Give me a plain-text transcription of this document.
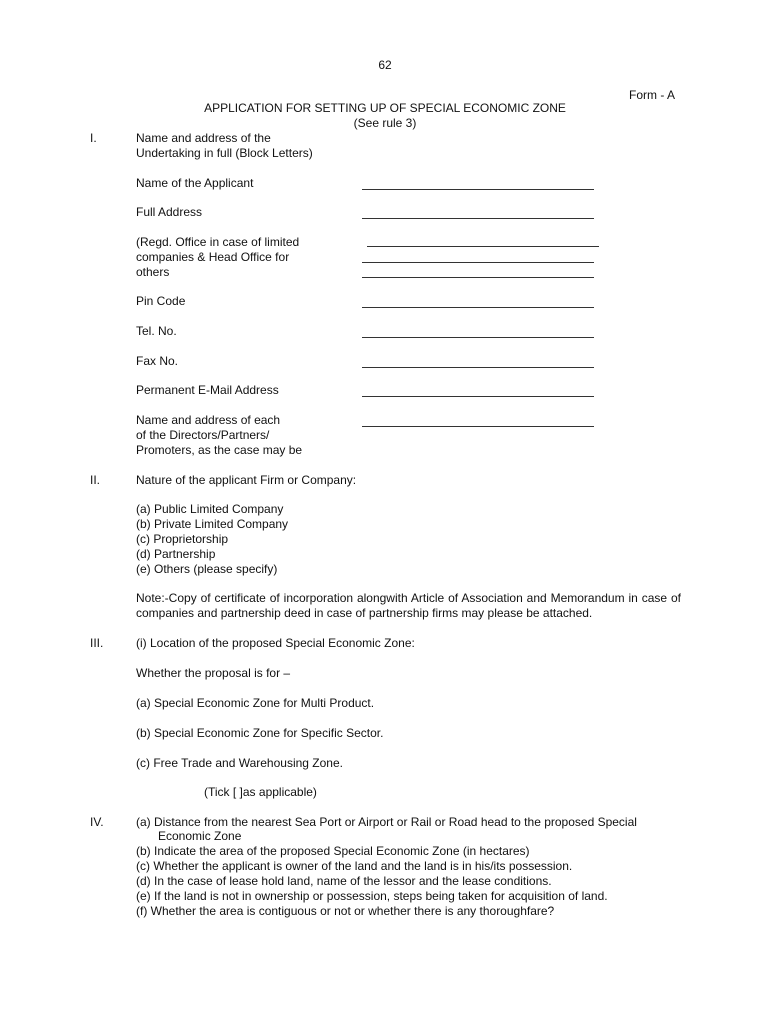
62
Form - A
APPLICATION FOR SETTING UP OF SPECIAL ECONOMIC ZONE
(See rule 3)
I.	Name and address of the
Undertaking in full (Block Letters)
Name of the Applicant
Full Address
(Regd. Office in case of limited
companies & Head Office for
others
Pin Code
Tel. No.
Fax No.
Permanent E-Mail Address
Name and address of each
of the Directors/Partners/
Promoters, as the case may be
II.	Nature of the applicant Firm or Company:
(a) Public Limited Company
(b) Private Limited Company
(c) Proprietorship
(d) Partnership
(e) Others (please specify)
Note:-Copy of certificate of incorporation alongwith Article of Association and Memorandum in case of companies and partnership deed in case of partnership firms may please be attached.
III.	(i) Location of the proposed Special Economic Zone:
Whether the proposal is for –
(a) Special Economic Zone for Multi Product.
(b) Special Economic Zone for Specific Sector.
(c) Free Trade and Warehousing Zone.
(Tick [ ]as applicable)
IV.	(a) Distance from the nearest Sea Port or Airport or Rail or Road head to the proposed Special
Economic Zone
(b) Indicate the area of the proposed Special Economic Zone (in hectares)
(c) Whether the applicant is owner of the land and the land is in his/its possession.
(d) In the case of lease hold land, name of the lessor and the lease conditions.
(e) If the land is not in ownership or possession, steps being taken for acquisition of land.
(f) Whether the area is contiguous or not or whether there is any thoroughfare?
